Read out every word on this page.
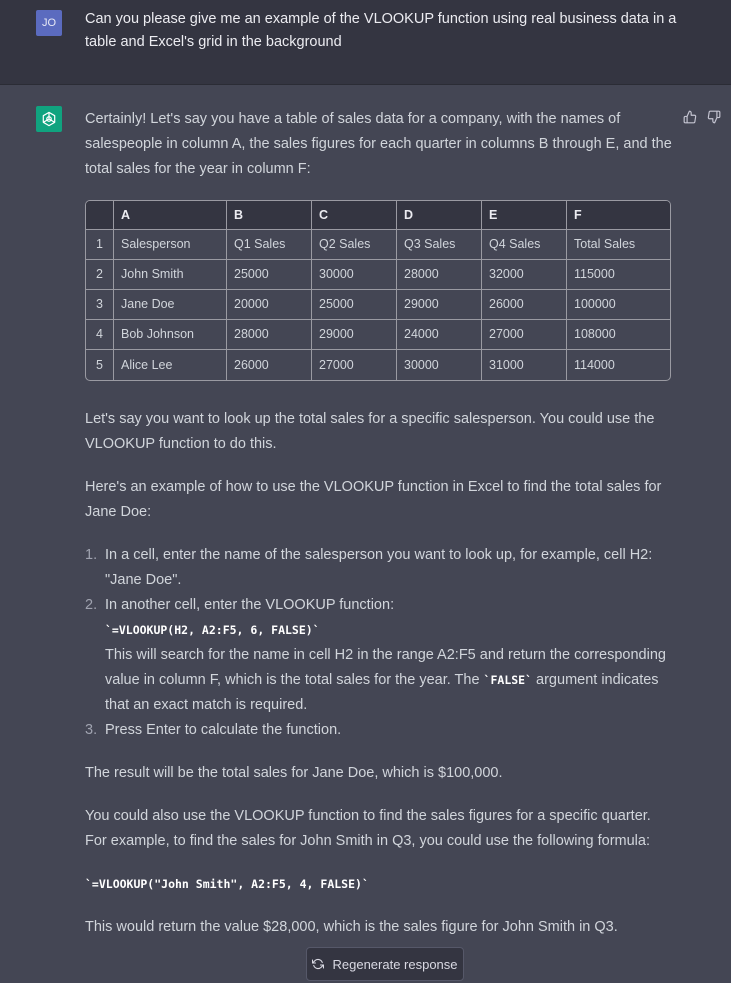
JO	Can you please give me an example of the VLOOKUP function using real business data in a table and Excel's grid in the background

Certainly! Let's say you have a table of sales data for a company, with the names of salespeople in column A, the sales figures for each quarter in columns B through E, and the total sales for the year in column F:

	A	B	C	D	E	F
1	Salesperson	Q1 Sales	Q2 Sales	Q3 Sales	Q4 Sales	Total Sales
2	John Smith	25000	30000	28000	32000	115000
3	Jane Doe	20000	25000	29000	26000	100000
4	Bob Johnson	28000	29000	24000	27000	108000
5	Alice Lee	26000	27000	30000	31000	114000

Let's say you want to look up the total sales for a specific salesperson. You could use the VLOOKUP function to do this.

Here's an example of how to use the VLOOKUP function in Excel to find the total sales for Jane Doe:

1. In a cell, enter the name of the salesperson you want to look up, for example, cell H2: "Jane Doe".
2. In another cell, enter the VLOOKUP function:
`=VLOOKUP(H2, A2:F5, 6, FALSE)`
This will search for the name in cell H2 in the range A2:F5 and return the corresponding value in column F, which is the total sales for the year. The `FALSE` argument indicates that an exact match is required.
3. Press Enter to calculate the function.

The result will be the total sales for Jane Doe, which is $100,000.

You could also use the VLOOKUP function to find the sales figures for a specific quarter. For example, to find the sales for John Smith in Q3, you could use the following formula:

`=VLOOKUP("John Smith", A2:F5, 4, FALSE)`

This would return the value $28,000, which is the sales figure for John Smith in Q3.

Regenerate response
